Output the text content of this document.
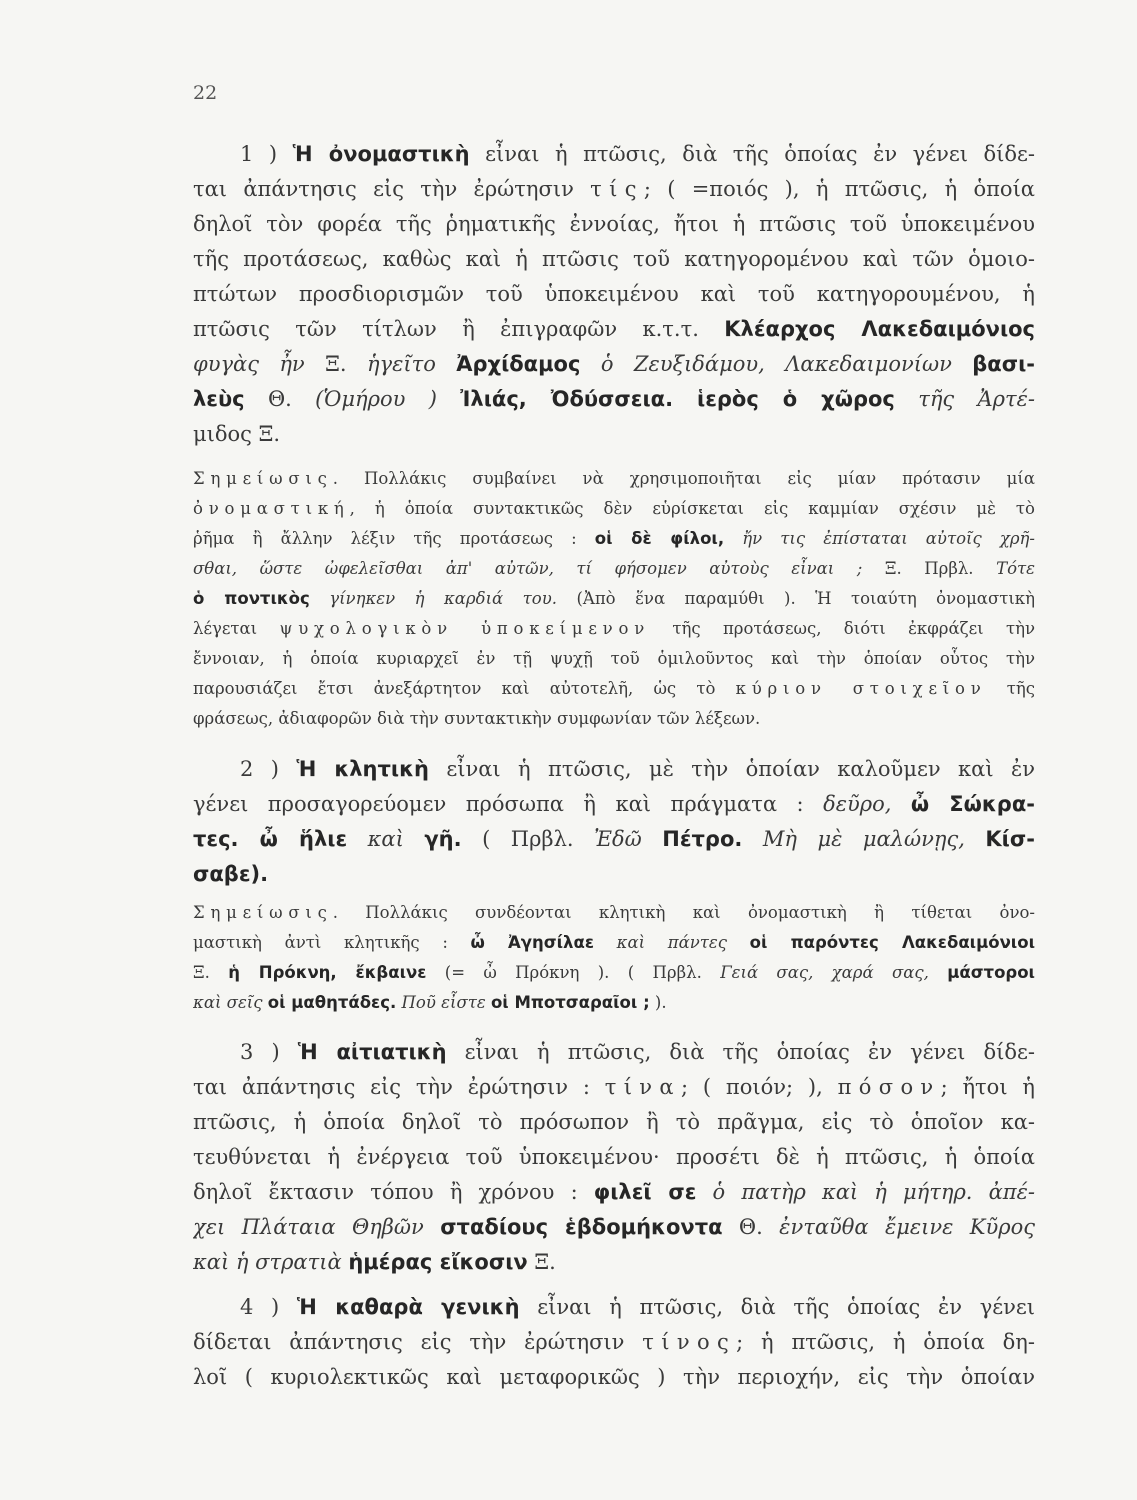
22
1 ) Ἡ ὀνομαστικὴ εἶναι ἡ πτῶσις, διὰ τῆς ὁποίας ἐν γένει δίδε-
ται ἀπάντησις εἰς τὴν ἐρώτησιν τίς; ( =ποιός ), ἡ πτῶσις, ἡ ὁποία
δηλοῖ τὸν φορέα τῆς ῥηματικῆς ἐννοίας, ἤτοι ἡ πτῶσις τοῦ ὑποκειμένου
τῆς προτάσεως, καθὼς καὶ ἡ πτῶσις τοῦ κατηγορομένου καὶ τῶν ὁμοιο-
πτώτων προσδιορισμῶν τοῦ ὑποκειμένου καὶ τοῦ κατηγορουμένου, ἡ
πτῶσις τῶν τίτλων ἢ ἐπιγραφῶν κ.τ.τ. Κλέαρχος Λακεδαιμόνιος
φυγὰς ἦν Ξ. ἡγεῖτο Ἀρχίδαμος ὁ Ζευξιδάμου, Λακεδαιμονίων βασι-
λεὺς Θ. (Ὁμήρου ) Ἰλιάς, Ὀδύσσεια. ἱερὸς ὁ χῶρος τῆς Ἀρτέ-
μιδος Ξ.
Σημείωσις. Πολλάκις συμβαίνει νὰ χρησιμοποιῆται εἰς μίαν πρότασιν μία
ὀνομαστική, ἡ ὁποία συντακτικῶς δὲν εὑρίσκεται εἰς καμμίαν σχέσιν μὲ τὸ
ῥῆμα ἢ ἄλλην λέξιν τῆς προτάσεως : οἱ δὲ φίλοι, ἤν τις ἐπίσταται αὐτοῖς χρῆ-
σθαι, ὥστε ὠφελεῖσθαι ἀπ' αὐτῶν, τί φήσομεν αὐτοὺς εἶναι ; Ξ. Πρβλ. Τότε
ὁ ποντικὸς γίνηκεν ἡ καρδιά του. (Ἀπὸ ἕνα παραμύθι ). Ἡ τοιαύτη ὀνομαστικὴ
λέγεται ψυχολογικὸν ὑποκείμενον τῆς προτάσεως, διότι ἐκφράζει τὴν
ἔννοιαν, ἡ ὁποία κυριαρχεῖ ἐν τῇ ψυχῇ τοῦ ὁμιλοῦντος καὶ τὴν ὁποίαν οὗτος τὴν
παρουσιάζει ἔτσι ἀνεξάρτητον καὶ αὐτοτελῆ, ὡς τὸ κύριον στοιχεῖον τῆς
φράσεως, ἀδιαφορῶν διὰ τὴν συντακτικὴν συμφωνίαν τῶν λέξεων.
2 ) Ἡ κλητικὴ εἶναι ἡ πτῶσις, μὲ τὴν ὁποίαν καλοῦμεν καὶ ἐν
γένει προσαγορεύομεν πρόσωπα ἢ καὶ πράγματα : δεῦρο, ὦ Σώκρα-
τες. ὦ ἥλιε καὶ γῆ. ( Πρβλ. Ἐδῶ Πέτρο. Μὴ μὲ μαλώνῃς, Κίσ-
σαβε).
Σημείωσις. Πολλάκις συνδέονται κλητικὴ καὶ ὀνομαστικὴ ἢ τίθεται ὀνο-
μαστικὴ ἀντὶ κλητικῆς : ὦ Ἀγησίλαε καὶ πάντες οἱ παρόντες Λακεδαιμόνιοι
Ξ. ἡ Πρόκνη, ἔκβαινε (= ὦ Πρόκνη ). ( Πρβλ. Γειά σας, χαρά σας, μάστοροι
καὶ σεῖς οἱ μαθητάδες. Ποῦ εἶστε οἱ Μποτσαραῖοι ; ).
3 ) Ἡ αἰτιατικὴ εἶναι ἡ πτῶσις, διὰ τῆς ὁποίας ἐν γένει δίδε-
ται ἀπάντησις εἰς τὴν ἐρώτησιν : τίνα; ( ποιόν; ), πόσον; ἤτοι ἡ
πτῶσις, ἡ ὁποία δηλοῖ τὸ πρόσωπον ἢ τὸ πρᾶγμα, εἰς τὸ ὁποῖον κα-
τευθύνεται ἡ ἐνέργεια τοῦ ὑποκειμένου· προσέτι δὲ ἡ πτῶσις, ἡ ὁποία
δηλοῖ ἔκτασιν τόπου ἢ χρόνου : φιλεῖ σε ὁ πατὴρ καὶ ἡ μήτηρ. ἀπέ-
χει Πλάταια Θηβῶν σταδίους ἑβδομήκοντα Θ. ἐνταῦθα ἔμεινε Κῦρος
καὶ ἡ στρατιὰ ἡμέρας εἴκοσιν Ξ.
4 ) Ἡ καθαρὰ γενικὴ εἶναι ἡ πτῶσις, διὰ τῆς ὁποίας ἐν γένει
δίδεται ἀπάντησις εἰς τὴν ἐρώτησιν τίνος; ἡ πτῶσις, ἡ ὁποία δη-
λοῖ ( κυριολεκτικῶς καὶ μεταφορικῶς ) τὴν περιοχήν, εἰς τὴν ὁποίαν
